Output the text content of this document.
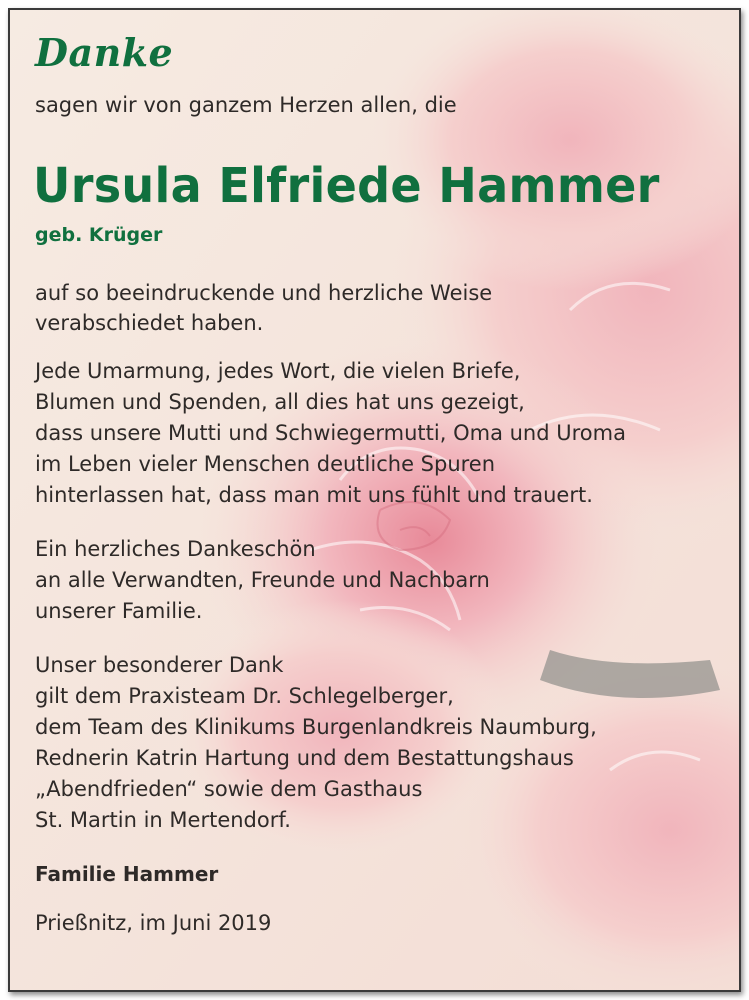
Danke
sagen wir von ganzem Herzen allen, die
Ursula Elfriede Hammer
geb. Krüger
auf so beeindruckende und herzliche Weise
verabschiedet haben.
Jede Umarmung, jedes Wort, die vielen Briefe,
Blumen und Spenden, all dies hat uns gezeigt,
dass unsere Mutti und Schwiegermutti, Oma und Uroma
im Leben vieler Menschen deutliche Spuren
hinterlassen hat, dass man mit uns fühlt und trauert.
Ein herzliches Dankeschön
an alle Verwandten, Freunde und Nachbarn
unserer Familie.
Unser besonderer Dank
gilt dem Praxisteam Dr. Schlegelberger,
dem Team des Klinikums Burgenlandkreis Naumburg,
Rednerin Katrin Hartung und dem Bestattungshaus
„Abendfrieden“ sowie dem Gasthaus
St. Martin in Mertendorf.
Familie Hammer
Prießnitz, im Juni 2019
